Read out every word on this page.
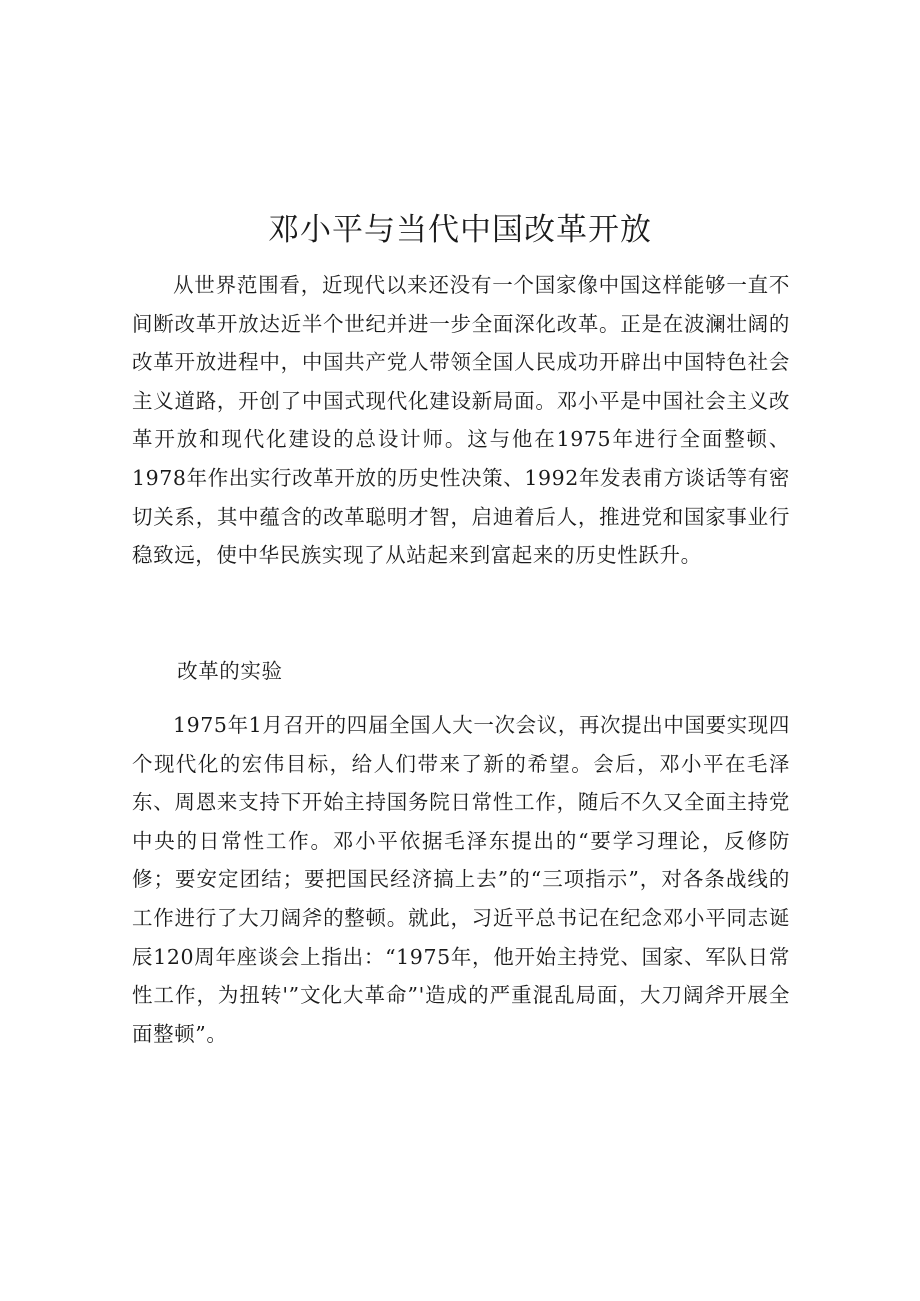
邓小平与当代中国改革开放

从世界范围看，近现代以来还没有一个国家像中国这样能够一直不间断改革开放达近半个世纪并进一步全面深化改革。正是在波澜壮阔的改革开放进程中，中国共产党人带领全国人民成功开辟出中国特色社会主义道路，开创了中国式现代化建设新局面。邓小平是中国社会主义改革开放和现代化建设的总设计师。这与他在1975年进行全面整顿、1978年作出实行改革开放的历史性决策、1992年发表甫方谈话等有密切关系，其中蕴含的改革聪明才智，启迪着后人，推进党和国家事业行稳致远，使中华民族实现了从站起来到富起来的历史性跃升。

改革的实验

1975年1月召开的四届全国人大一次会议，再次提出中国要实现四个现代化的宏伟目标，给人们带来了新的希望。会后，邓小平在毛泽东、周恩来支持下开始主持国务院日常性工作，随后不久又全面主持党中央的日常性工作。邓小平依据毛泽东提出的“要学习理论，反修防修；要安定团结；要把国民经济搞上去”的“三项指示”，对各条战线的工作进行了大刀阔斧的整顿。就此，习近平总书记在纪念邓小平同志诞辰120周年座谈会上指出：“1975年，他开始主持党、国家、军队日常性工作，为扭转'”文化大革命”'造成的严重混乱局面，大刀阔斧开展全面整顿”。
